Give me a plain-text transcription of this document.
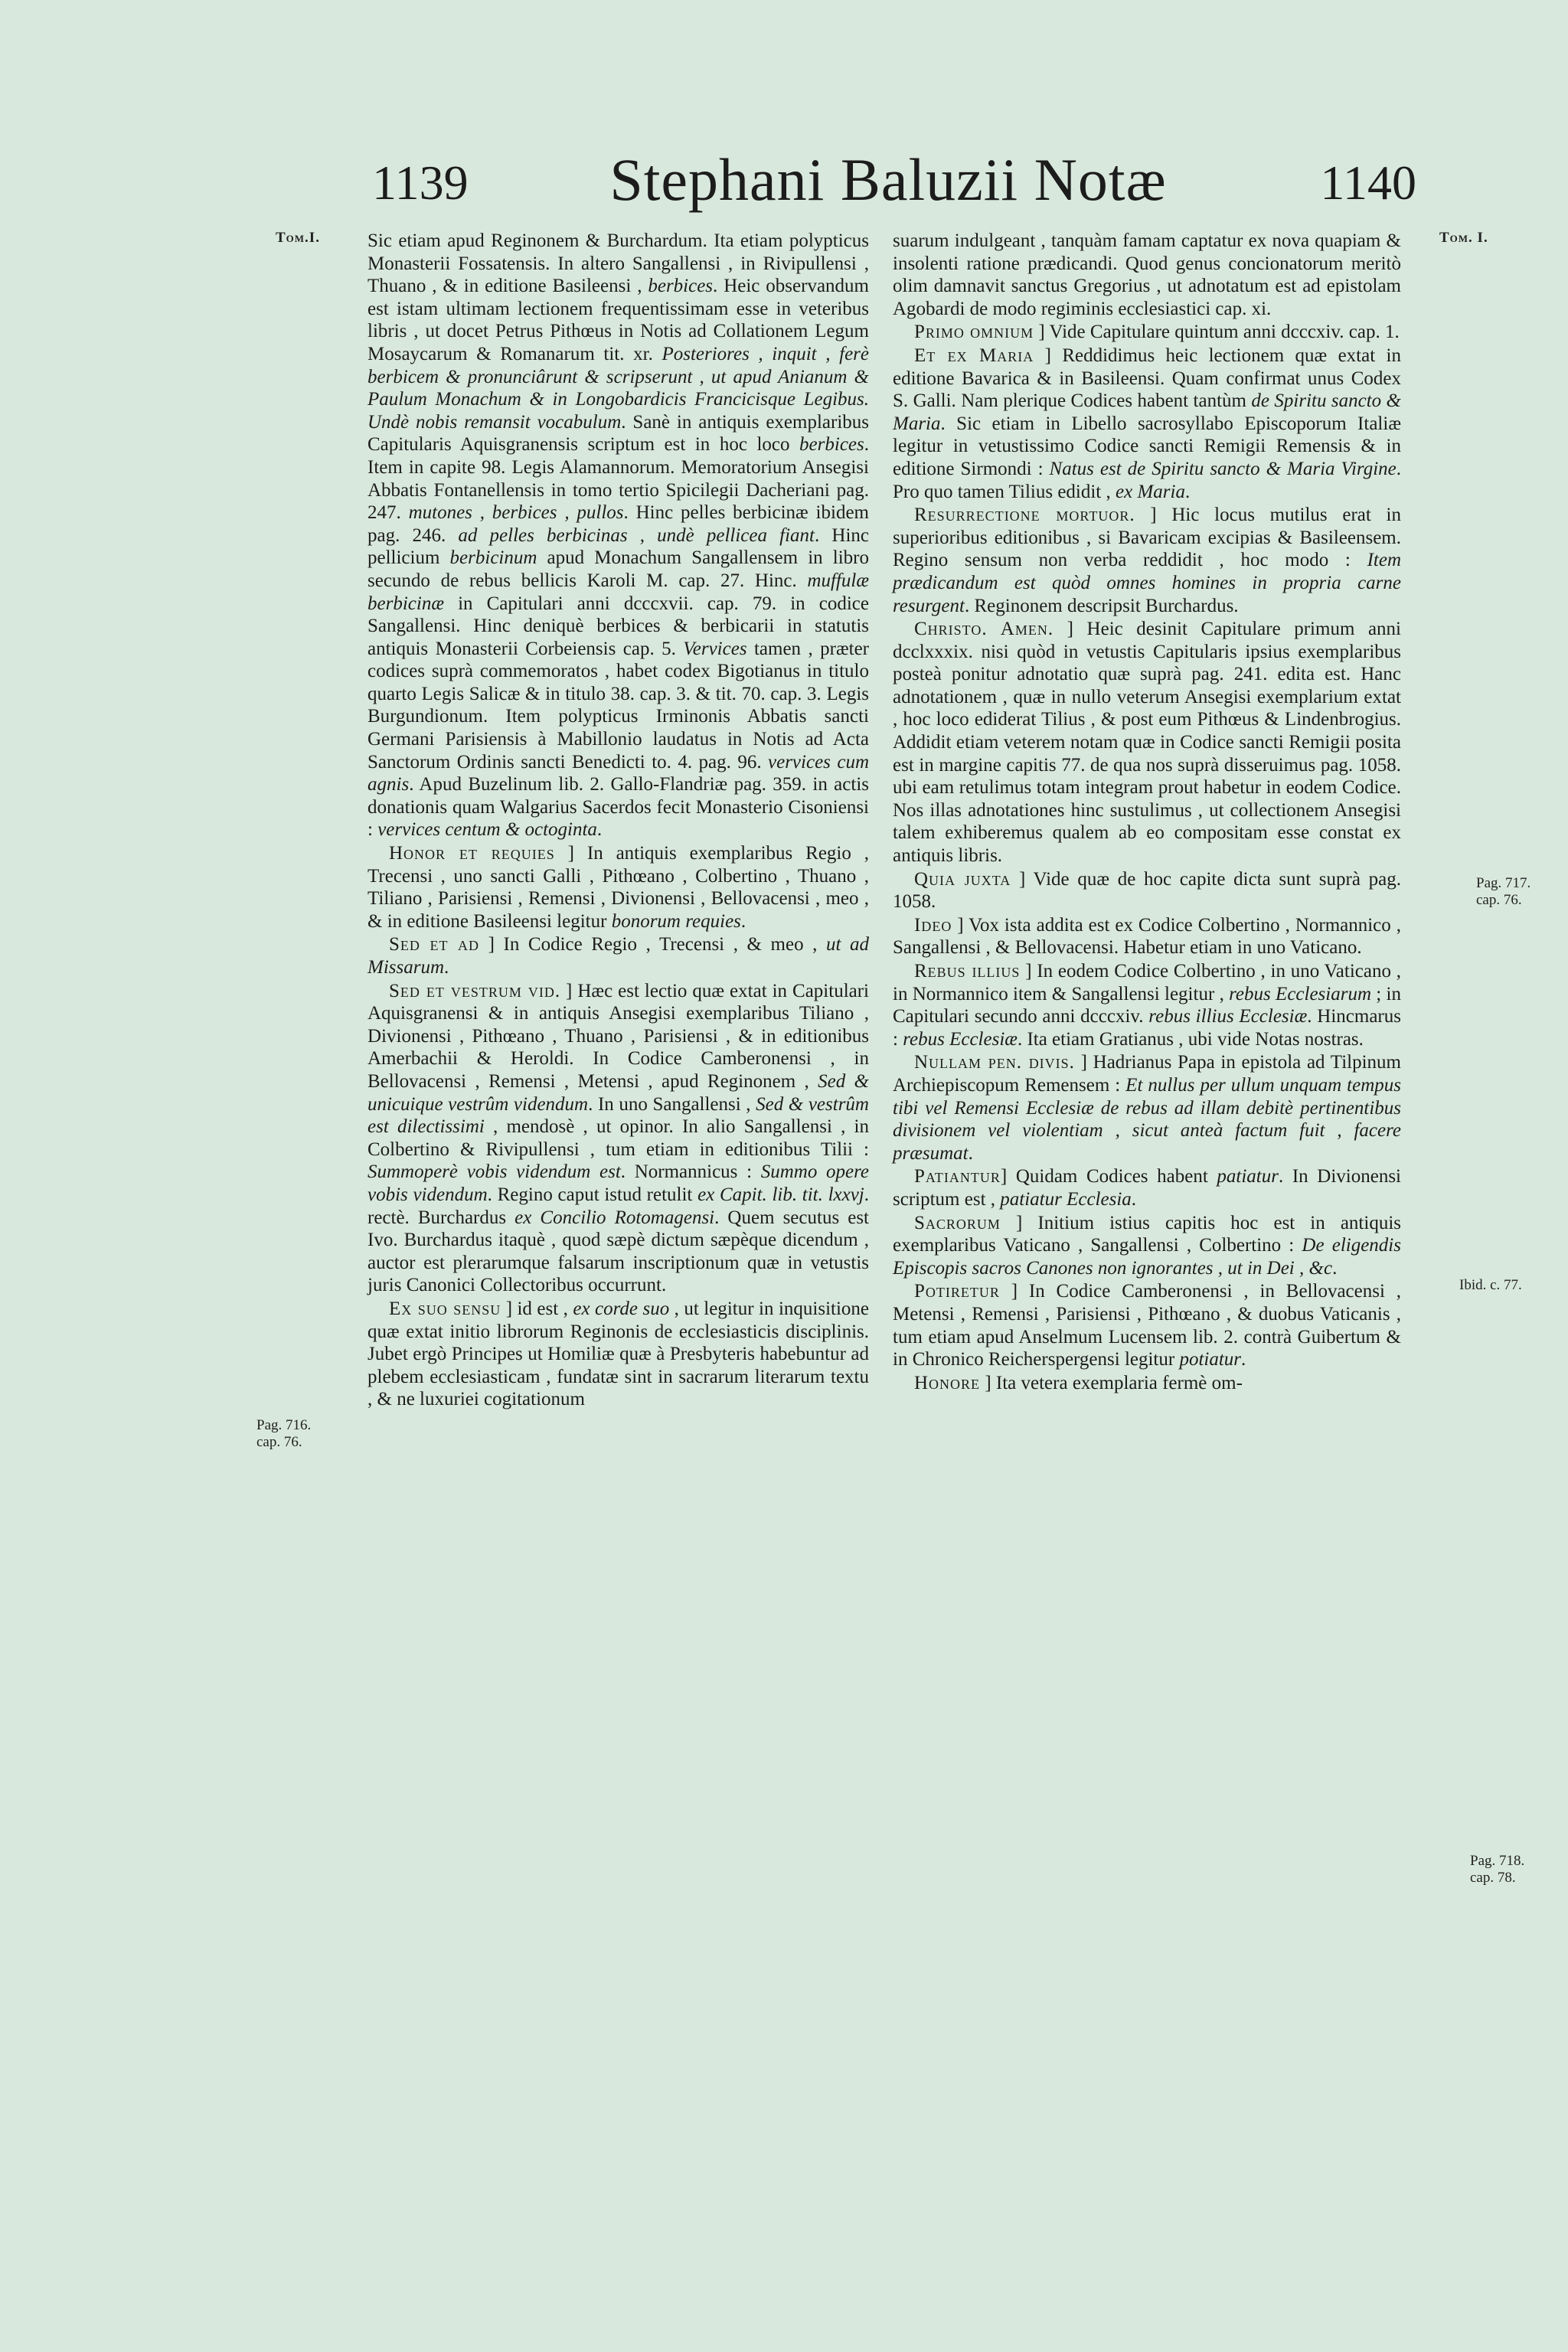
1139	Stephani Baluzii Notæ	1140
Tom.I.
Pag. 716.
cap. 76.
Tom. I.
Pag. 717.
cap. 76.
Ibid. c. 77.
Pag. 718.
cap. 78.

Sic etiam apud Reginonem & Burchardum. Ita etiam polypticus Monasterii Fossatensis. In altero Sangallensi , in Rivipullensi , Thuano , & in editione Basileensi , berbices. Heic observandum est istam ultimam lectionem frequentissimam esse in veteribus libris , ut docet Petrus Pithœus in Notis ad Collationem Legum Mosaycarum & Romanarum tit. xr. Posteriores , inquit , ferè berbicem & pronunciârunt & scripserunt , ut apud Anianum & Paulum Monachum & in Longobardicis Francicisque Legibus. Undè nobis remansit vocabulum. Sanè in antiquis exemplaribus Capitularis Aquisgranensis scriptum est in hoc loco berbices. Item in capite 98. Legis Alamannorum. Memoratorium Ansegisi Abbatis Fontanellensis in tomo tertio Spicilegii Dacheriani pag. 247. mutones , berbices , pullos. Hinc pelles berbicinæ ibidem pag. 246. ad pelles berbicinas , undè pellicea fiant. Hinc pellicium berbicinum apud Monachum Sangallensem in libro secundo de rebus bellicis Karoli M. cap. 27. Hinc. muffulæ berbicinæ in Capitulari anni dcccxvii. cap. 79. in codice Sangallensi. Hinc deniquè berbices & berbicarii in statutis antiquis Monasterii Corbeiensis cap. 5. Vervices tamen , præter codices suprà commemoratos , habet codex Bigotianus in titulo quarto Legis Salicæ & in titulo 38. cap. 3. & tit. 70. cap. 3. Legis Burgundionum. Item polypticus Irminonis Abbatis sancti Germani Parisiensis à Mabillonio laudatus in Notis ad Acta Sanctorum Ordinis sancti Benedicti to. 4. pag. 96. vervices cum agnis. Apud Buzelinum lib. 2. Gallo-Flandriæ pag. 359. in actis donationis quam Walgarius Sacerdos fecit Monasterio Cisoniensi : vervices centum & octoginta.

Honor et requies ] In antiquis exemplaribus Regio , Trecensi , uno sancti Galli , Pithœano , Colbertino , Thuano , Tiliano , Parisiensi , Remensi , Divionensi , Bellovacensi , meo , & in editione Basileensi legitur bonorum requies.

Sed et ad ] In Codice Regio , Trecensi , & meo , ut ad Missarum.

Sed et vestrum vid. ] Hæc est lectio quæ extat in Capitulari Aquisgranensi & in antiquis Ansegisi exemplaribus Tiliano , Divionensi , Pithœano , Thuano , Parisiensi , & in editionibus Amerbachii & Heroldi. In Codice Camberonensi , in Bellovacensi , Remensi , Metensi , apud Reginonem , Sed & unicuique vestrûm videndum. In uno Sangallensi , Sed & vestrûm est dilectissimi , mendosè , ut opinor. In alio Sangallensi , in Colbertino & Rivipullensi , tum etiam in editionibus Tilii : Summoperè vobis videndum est. Normannicus : Summo opere vobis videndum. Regino caput istud retulit ex Capit. lib. tit. lxxvj. rectè. Burchardus ex Concilio Rotomagensi. Quem secutus est Ivo. Burchardus itaquè , quod sæpè dictum sæpèque dicendum , auctor est plerarumque falsarum inscriptionum quæ in vetustis juris Canonici Collectoribus occurrunt.

Ex suo sensu ] id est , ex corde suo , ut legitur in inquisitione quæ extat initio librorum Reginonis de ecclesiasticis disciplinis. Jubet ergò Principes ut Homiliæ quæ à Presbyteris habebuntur ad plebem ecclesiasticam , fundatæ sint in sacrarum literarum textu , & ne luxuriei cogitationum

suarum indulgeant , tanquàm famam captatur ex nova quapiam & insolenti ratione prædicandi. Quod genus concionatorum meritò olim damnavit sanctus Gregorius , ut adnotatum est ad epistolam Agobardi de modo regiminis ecclesiastici cap. xi.

Primo omnium ] Vide Capitulare quintum anni dcccxiv. cap. 1.

Et ex Maria ] Reddidimus heic lectionem quæ extat in editione Bavarica & in Basileensi. Quam confirmat unus Codex S. Galli. Nam plerique Codices habent tantùm de Spiritu sancto & Maria. Sic etiam in Libello sacrosyllabo Episcoporum Italiæ legitur in vetustissimo Codice sancti Remigii Remensis & in editione Sirmondi : Natus est de Spiritu sancto & Maria Virgine. Pro quo tamen Tilius edidit , ex Maria.

Resurrectione mortuor. ] Hic locus mutilus erat in superioribus editionibus , si Bavaricam excipias & Basileensem. Regino sensum non verba reddidit , hoc modo : Item prædicandum est quòd omnes homines in propria carne resurgent. Reginonem descripsit Burchardus.

Christo. Amen. ] Heic desinit Capitulare primum anni dcclxxxix. nisi quòd in vetustis Capitularis ipsius exemplaribus posteà ponitur adnotatio quæ suprà pag. 241. edita est. Hanc adnotationem , quæ in nullo veterum Ansegisi exemplarium extat , hoc loco ediderat Tilius , & post eum Pithœus & Lindenbrogius. Addidit etiam veterem notam quæ in Codice sancti Remigii posita est in margine capitis 77. de qua nos suprà disseruimus pag. 1058. ubi eam retulimus totam integram prout habetur in eodem Codice. Nos illas adnotationes hinc sustulimus , ut collectionem Ansegisi talem exhiberemus qualem ab eo compositam esse constat ex antiquis libris.

Quia juxta ] Vide quæ de hoc capite dicta sunt suprà pag. 1058.

Ideo ] Vox ista addita est ex Codice Colbertino , Normannico , Sangallensi , & Bellovacensi. Habetur etiam in uno Vaticano.

Rebus illius ] In eodem Codice Colbertino , in uno Vaticano , in Normannico item & Sangallensi legitur , rebus Ecclesiarum ; in Capitulari secundo anni dcccxiv. rebus illius Ecclesiæ. Hincmarus : rebus Ecclesiæ. Ita etiam Gratianus , ubi vide Notas nostras.

Nullam pen. divis. ] Hadrianus Papa in epistola ad Tilpinum Archiepiscopum Remensem : Et nullus per ullum unquam tempus tibi vel Remensi Ecclesiæ de rebus ad illam debitè pertinentibus divisionem vel violentiam , sicut anteà factum fuit , facere præsumat.

Patiantur] Quidam Codices habent patiatur. In Divionensi scriptum est , patiatur Ecclesia.

Sacrorum ] Initium istius capitis hoc est in antiquis exemplaribus Vaticano , Sangallensi , Colbertino : De eligendis Episcopis sacros Canones non ignorantes , ut in Dei , &c.

Potiretur ] In Codice Camberonensi , in Bellovacensi , Metensi , Remensi , Parisiensi , Pithœano , & duobus Vaticanis , tum etiam apud Anselmum Lucensem lib. 2. contrà Guibertum & in Chronico Reicherspergensi legitur potiatur.

Honore ] Ita vetera exemplaria fermè om-
